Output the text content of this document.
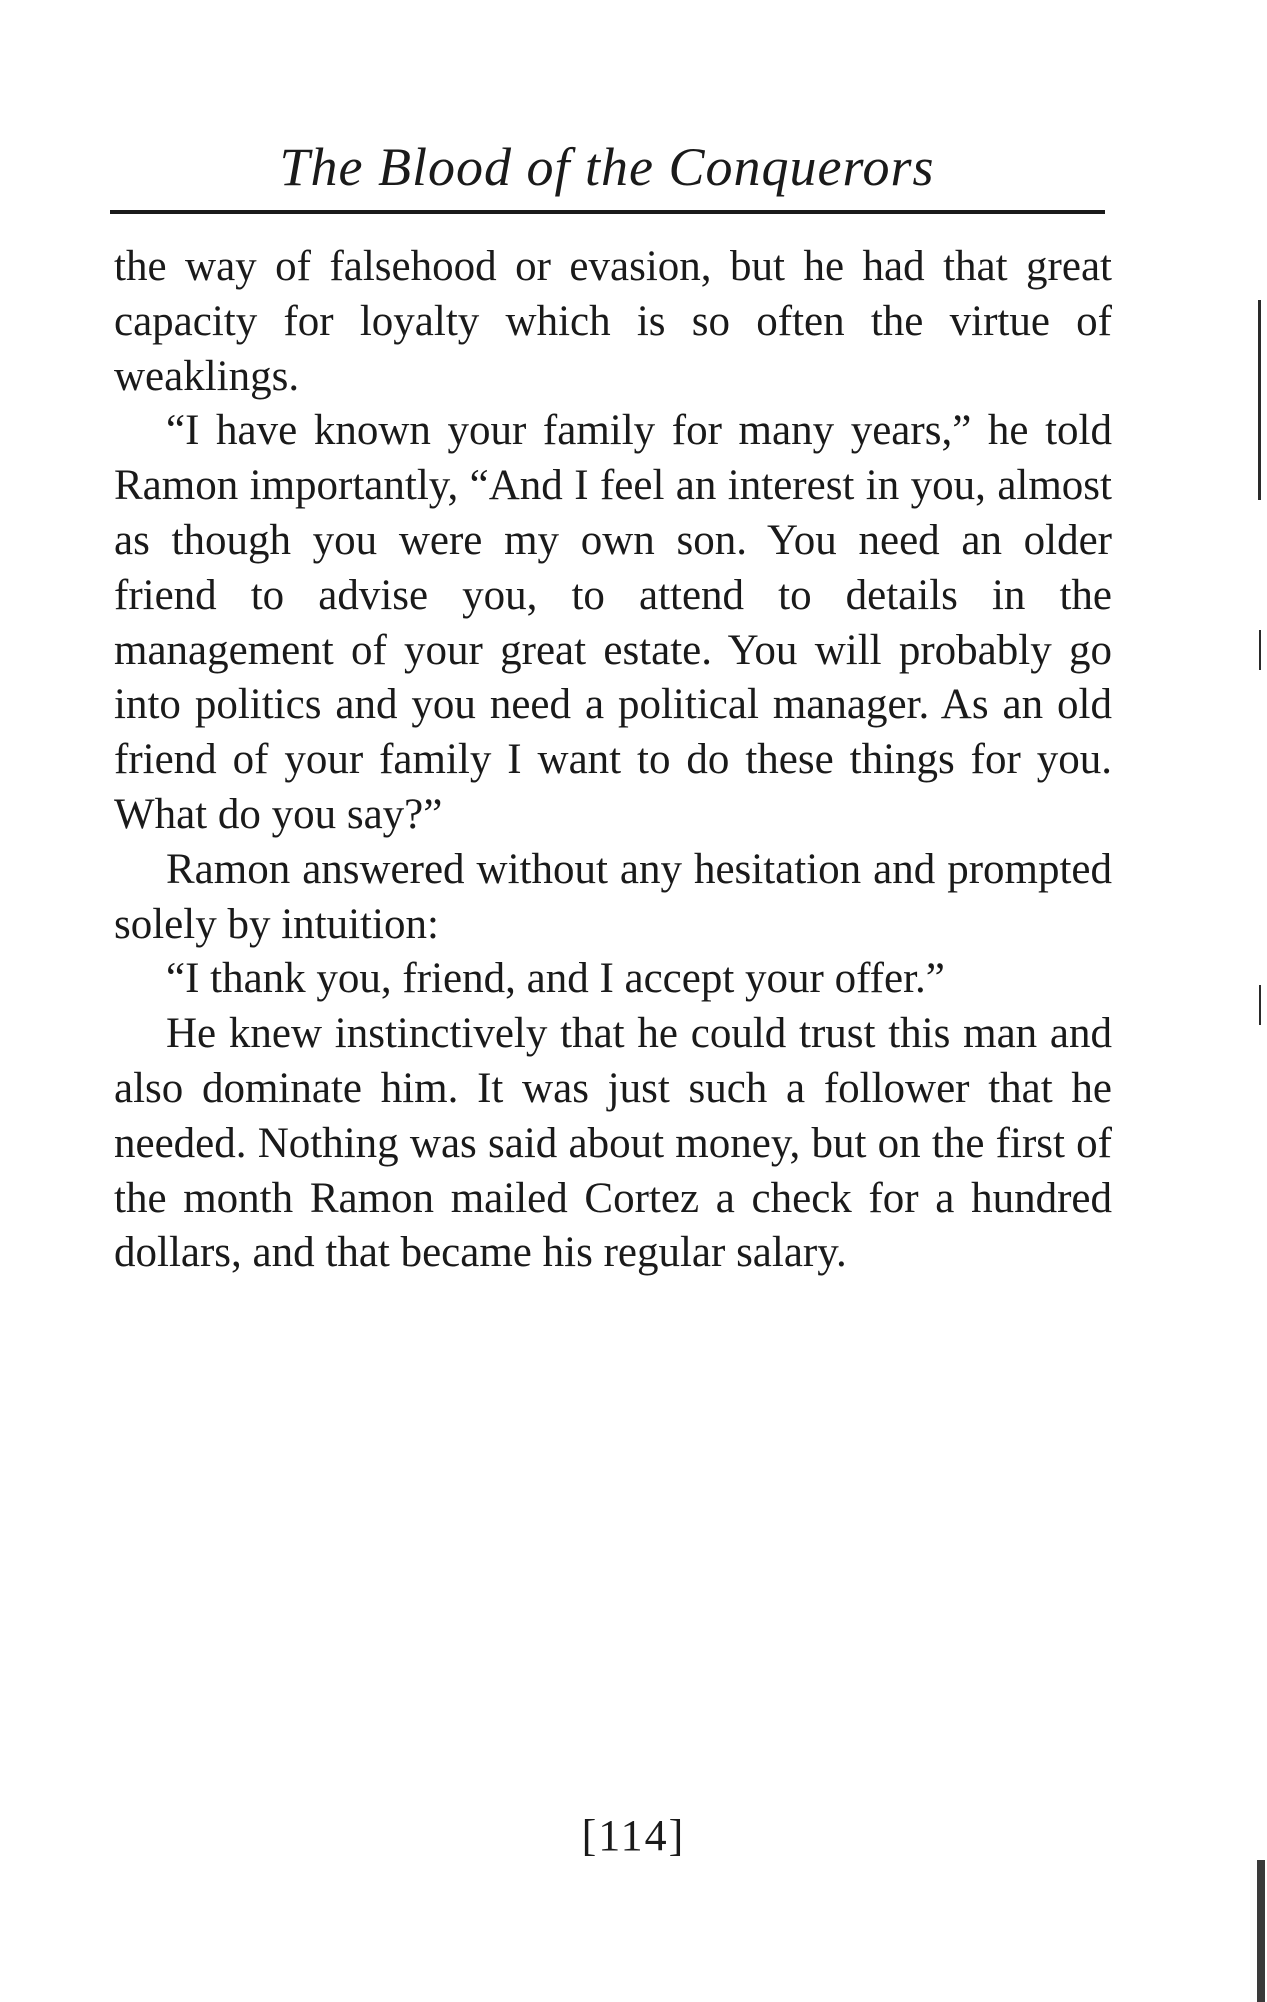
The Blood of the Conquerors

the way of falsehood or evasion, but he had that great capacity for loyalty which is so often the virtue of weaklings.

“I have known your family for many years,” he told Ramon importantly, “And I feel an interest in you, almost as though you were my own son. You need an older friend to advise you, to attend to details in the management of your great estate. You will probably go into politics and you need a political manager. As an old friend of your family I want to do these things for you. What do you say?”

Ramon answered without any hesitation and prompted solely by intuition:

“I thank you, friend, and I accept your offer.”

He knew instinctively that he could trust this man and also dominate him. It was just such a follower that he needed. Nothing was said about money, but on the first of the month Ramon mailed Cortez a check for a hundred dollars, and that became his regular salary.

[114]
